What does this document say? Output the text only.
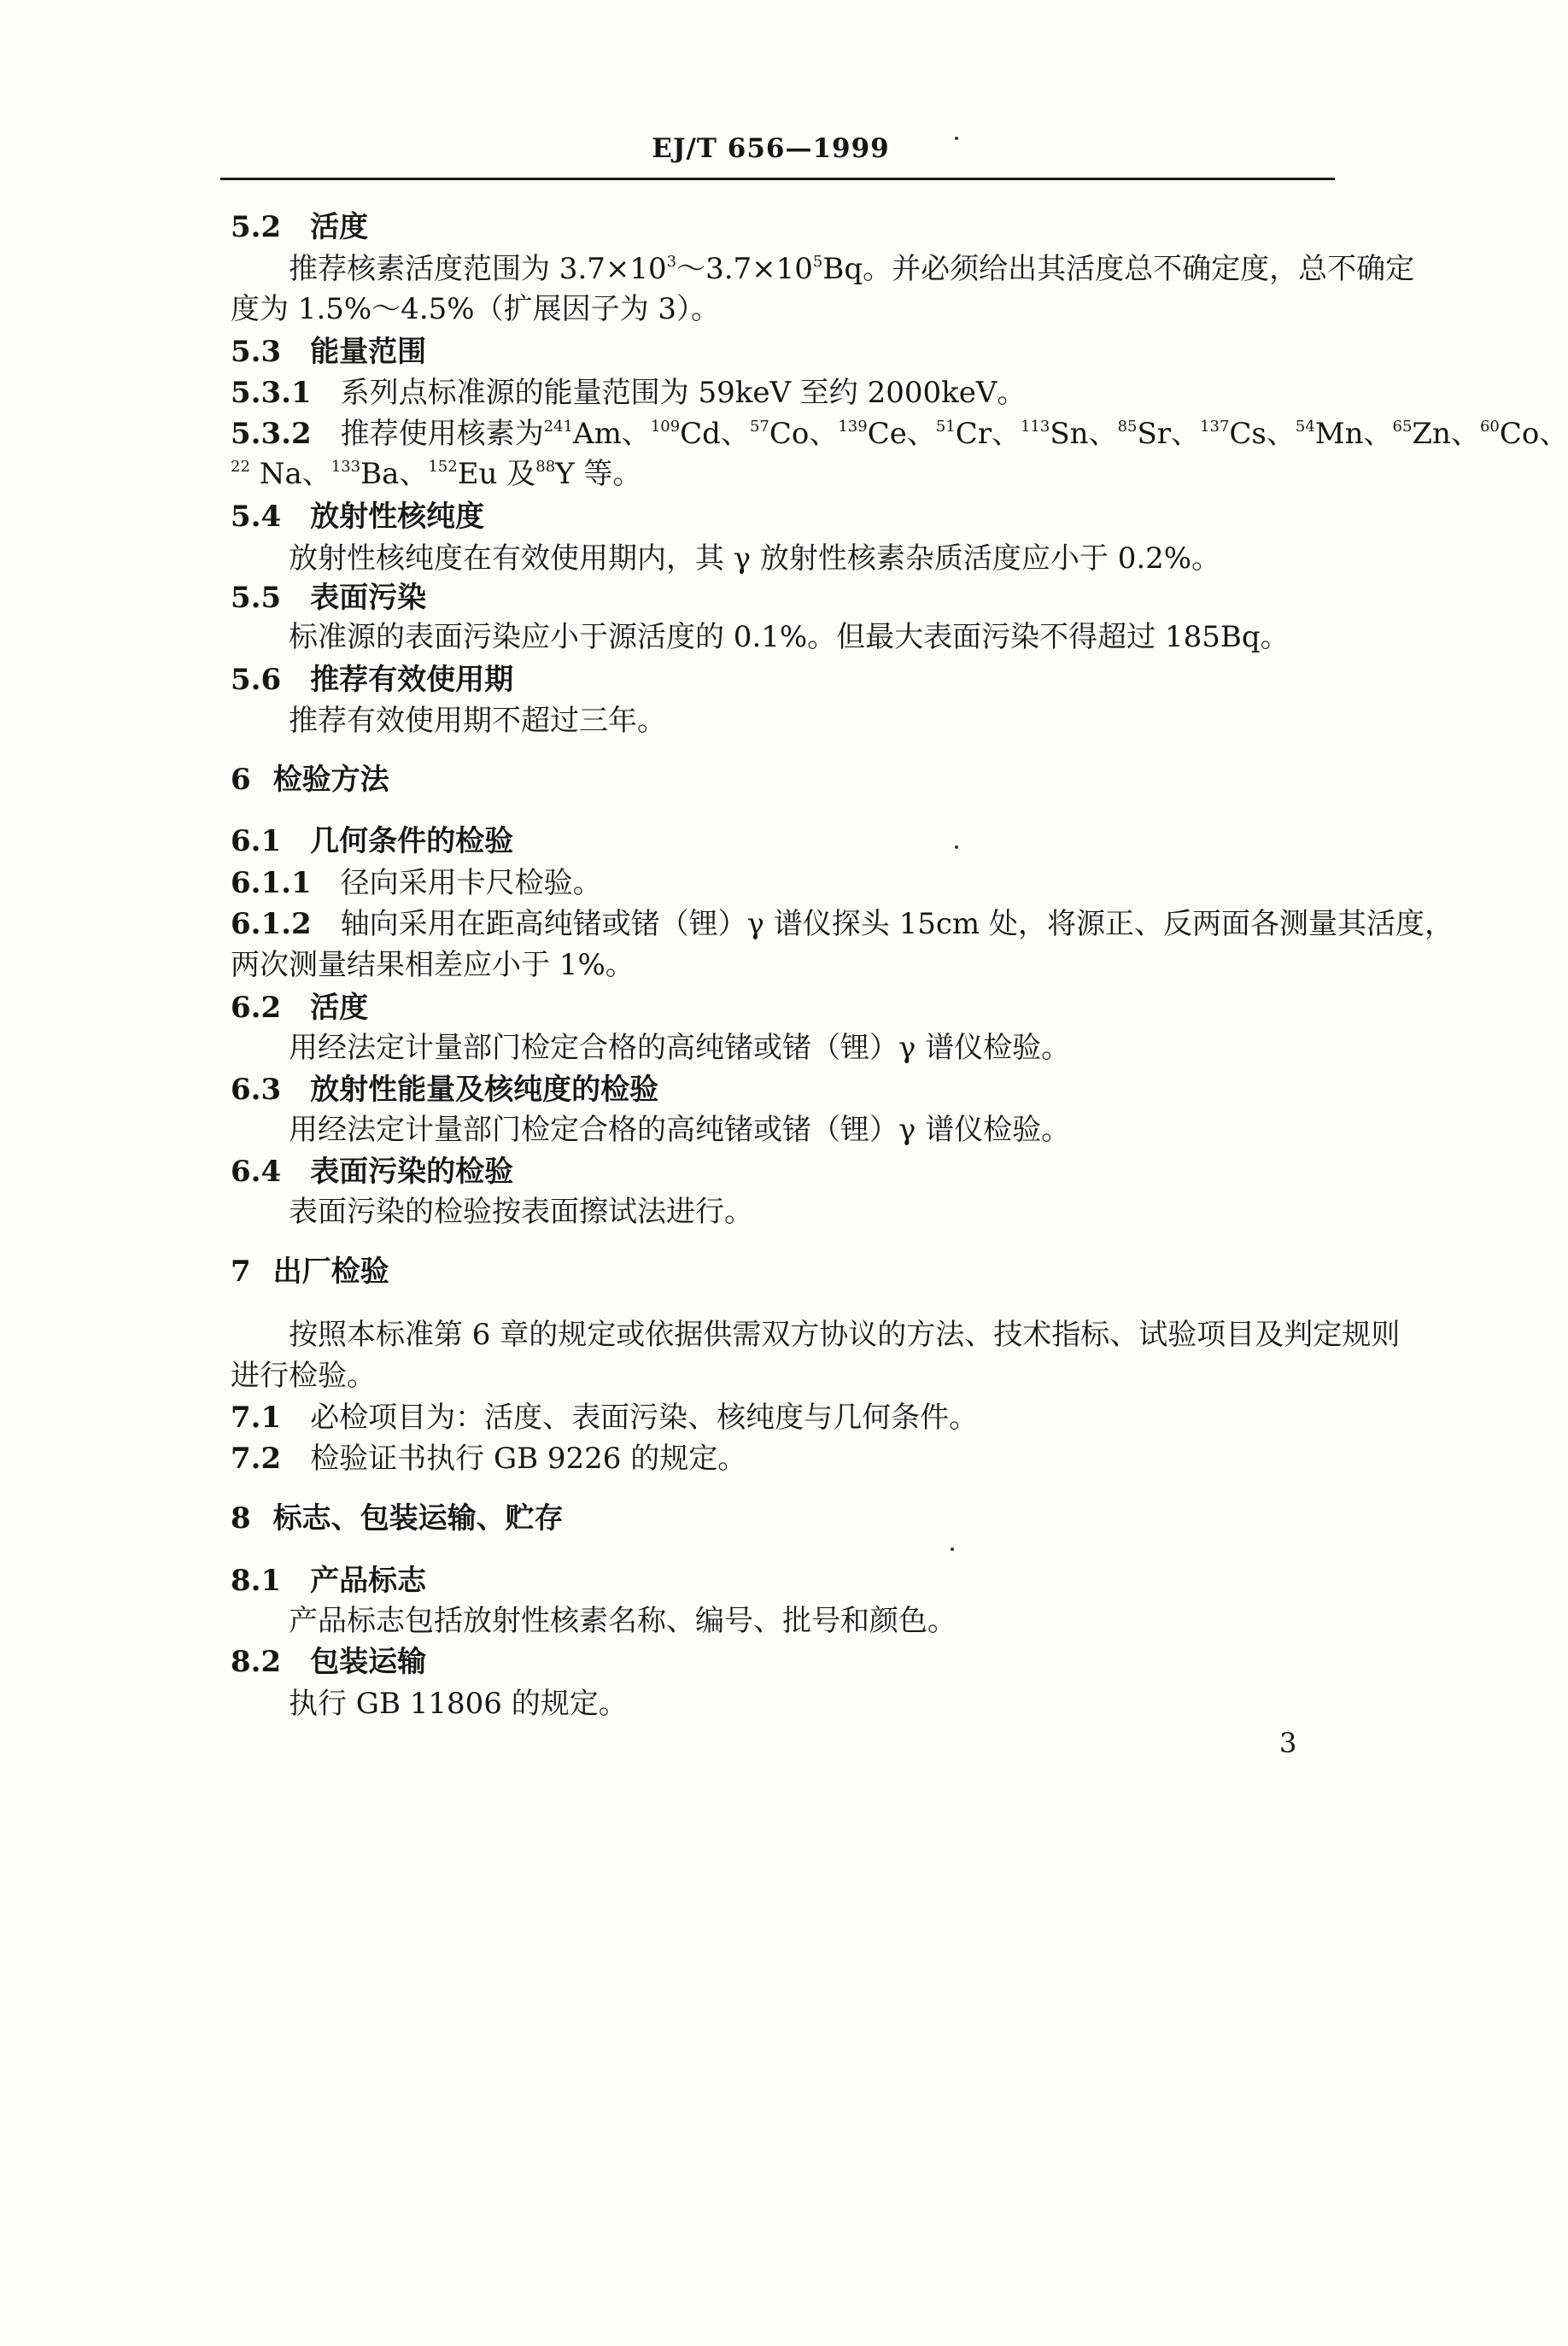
EJ/T 656—1999
5.2 活度
推荐核素活度范围为 $3.7\times 10^3\sim 3.7\times 10^5Bq$。并必须给出其活度总不确定度，总不确定
度为 1.5%～4.5%（扩展因子为 3）。
5.3 能量范围
5.3.1 系列点标准源的能量范围为 59keV 至约 2000keV。
5.3.2 推荐使用核素为$^{241}$Am、$^{109}$Cd、$^{57}$Co、$^{139}$Ce、$^{51}$Cr、$^{113}$Sn、$^{85}$Sr、$^{137}$Cs、$^{54}$Mn、$^{65}$Zn、$^{60}$Co、
$^{22}$ Na、$^{133}$Ba、$^{152}$Eu 及$^{88}$Y 等。
5.4 放射性核纯度
放射性核纯度在有效使用期内，其 γ 放射性核素杂质活度应小于 0.2%。
5.5 表面污染
标准源的表面污染应小于源活度的 0.1%。但最大表面污染不得超过 185Bq。
5.6 推荐有效使用期
推荐有效使用期不超过三年。
6 检验方法
6.1 几何条件的检验
6.1.1 径向采用卡尺检验。
6.1.2 轴向采用在距高纯锗或锗（锂）γ 谱仪探头 15cm 处，将源正、反两面各测量其活度，
两次测量结果相差应小于 1%。
6.2 活度
用经法定计量部门检定合格的高纯锗或锗（锂）γ 谱仪检验。
6.3 放射性能量及核纯度的检验
用经法定计量部门检定合格的高纯锗或锗（锂）γ 谱仪检验。
6.4 表面污染的检验
表面污染的检验按表面擦试法进行。
7 出厂检验
按照本标准第 6 章的规定或依据供需双方协议的方法、技术指标、试验项目及判定规则
进行检验。
7.1 必检项目为：活度、表面污染、核纯度与几何条件。
7.2 检验证书执行 GB 9226 的规定。
8 标志、包装运输、贮存
8.1 产品标志
产品标志包括放射性核素名称、编号、批号和颜色。
8.2 包装运输
执行 GB 11806 的规定。
3
